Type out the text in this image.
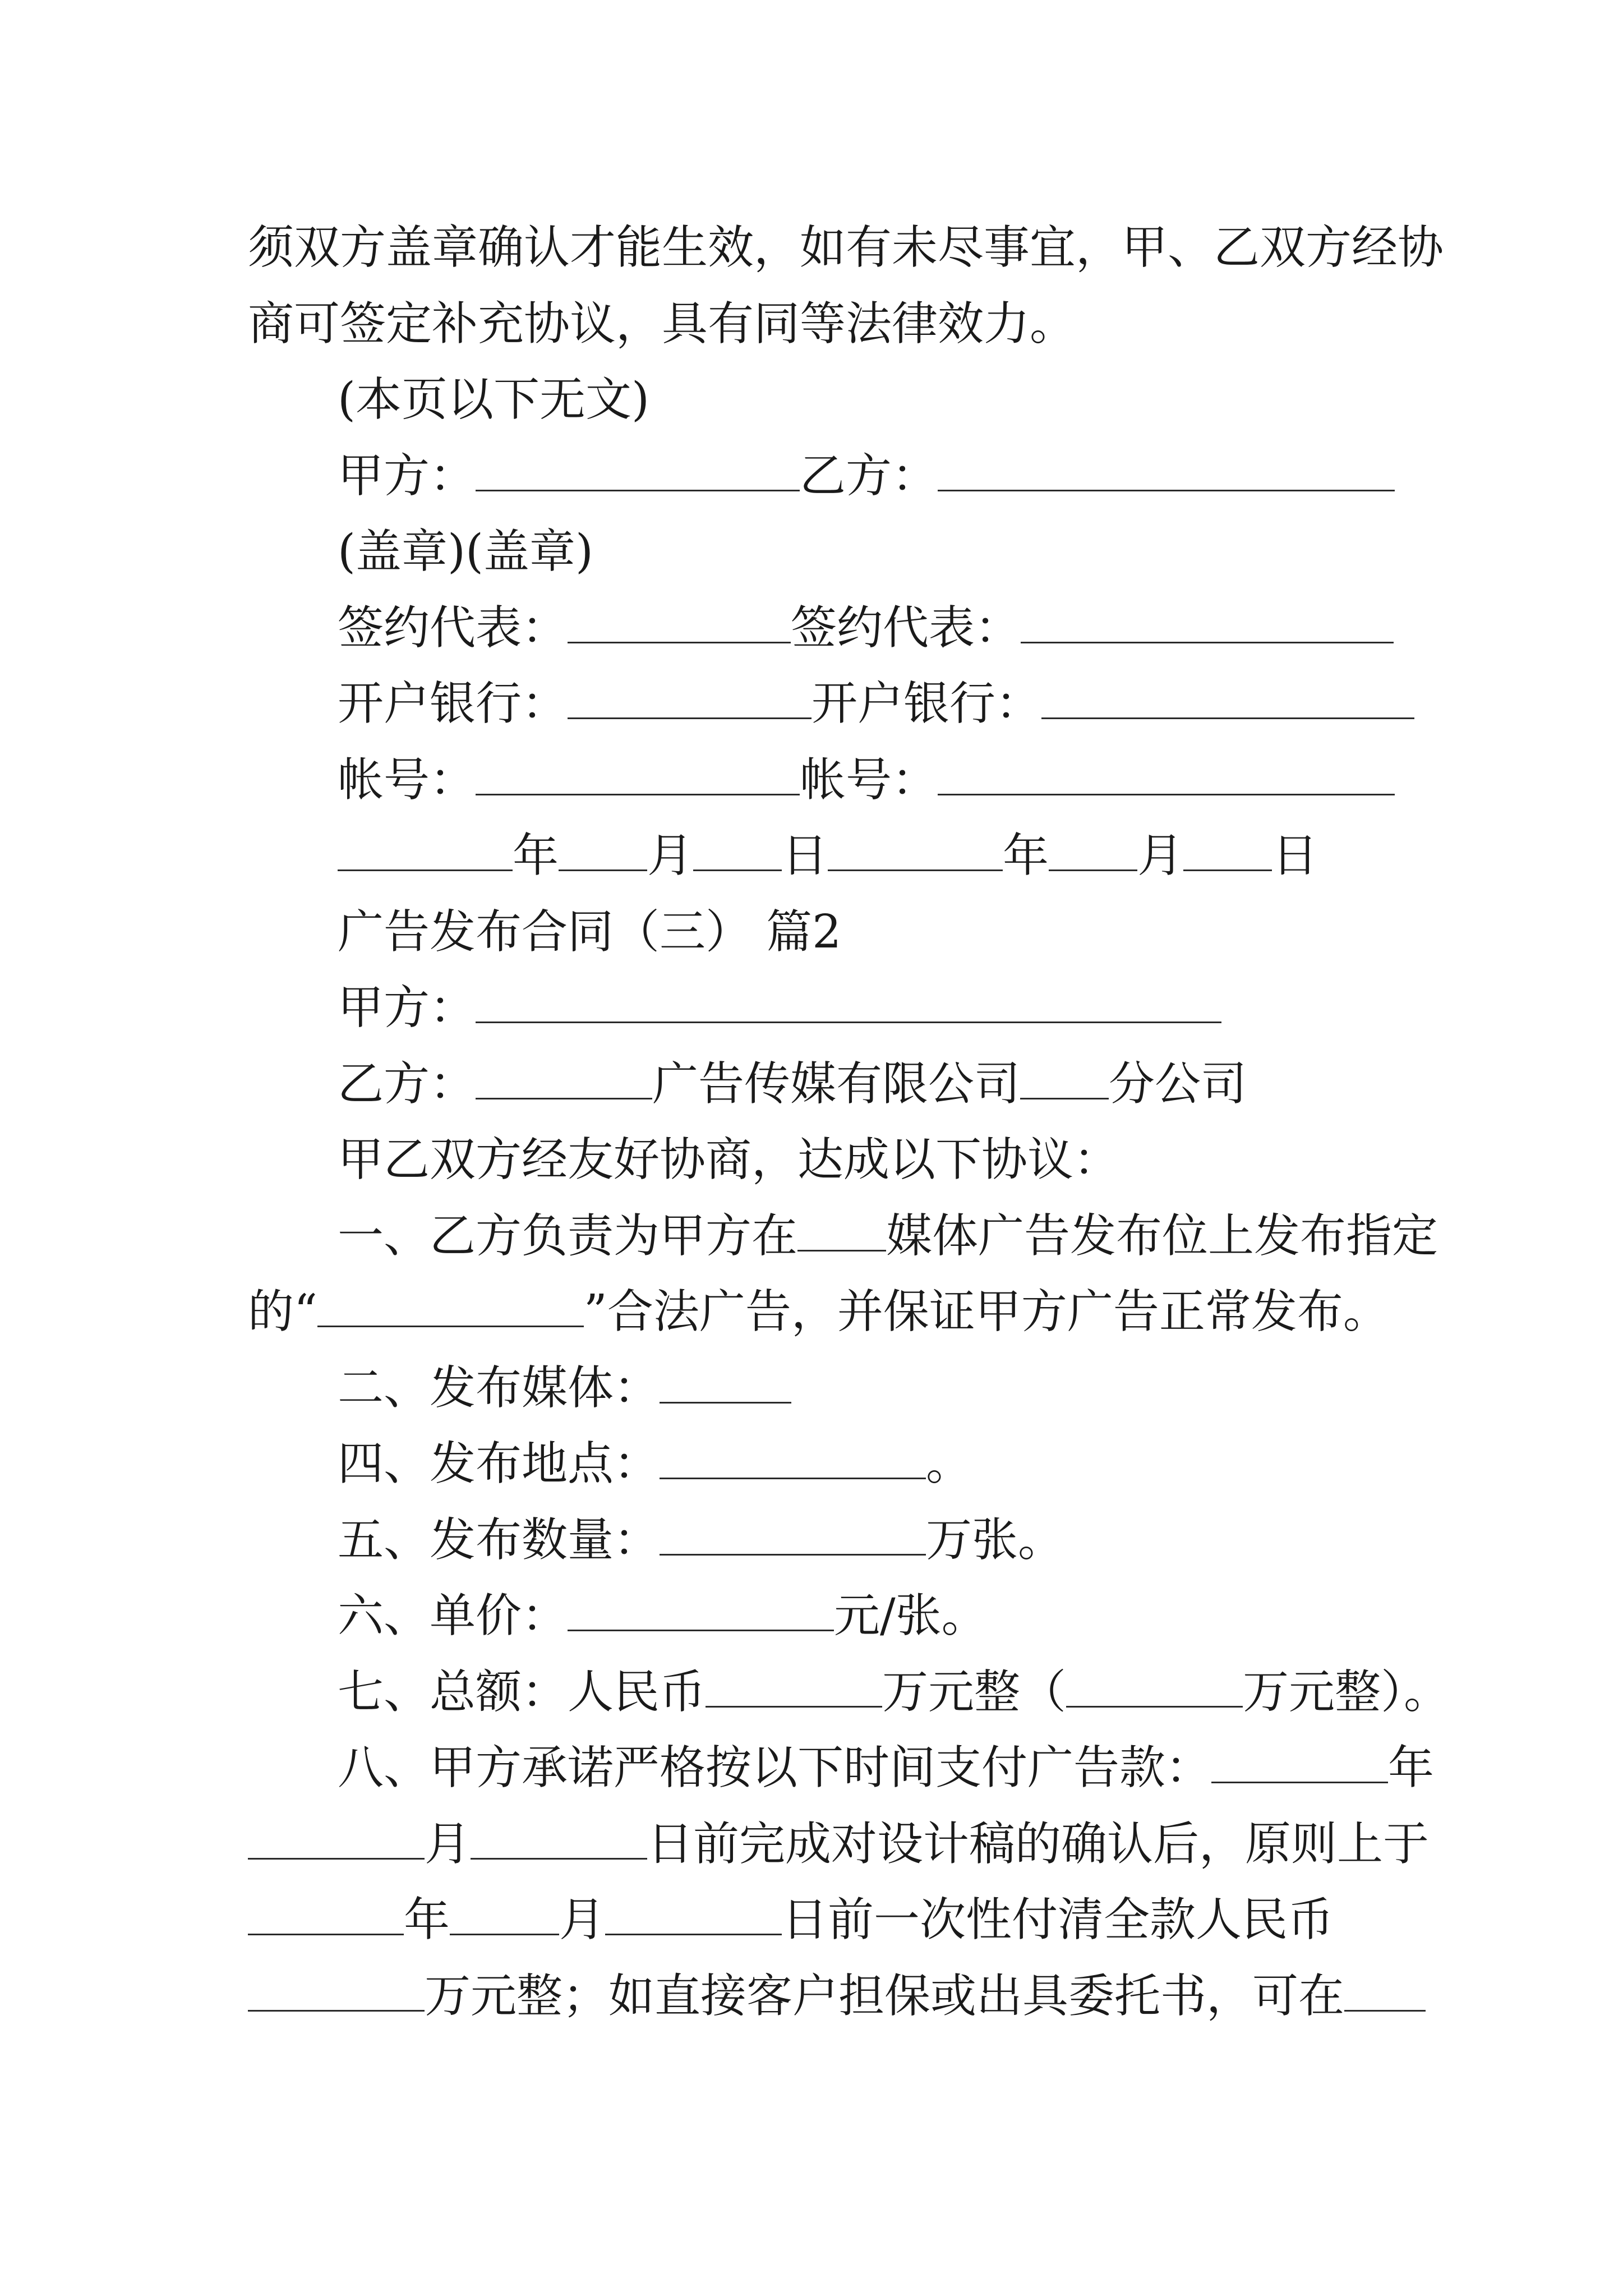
须双方盖章确认才能生效，如有未尽事宜，甲、乙双方经协

商可签定补充协议，具有同等法律效力。

(本页以下无文)

甲方：	乙方：

(盖章)(盖章)

签约代表：	签约代表：

开户银行：	开户银行：

帐号：	帐号：

年 月 日	年 月 日

广告发布合同（三） 篇2

甲方：

乙方：	广告传媒有限公司 分公司

甲乙双方经友好协商，达成以下协议：

一、乙方负责为甲方在 媒体广告发布位上发布指定

的“	”合法广告，并保证甲方广告正常发布。

二、发布媒体：

四、发布地点：	。

五、发布数量：	万张。

六、单价：	元/张。

七、总额：人民币	万元整（	万元整）。

八、甲方承诺严格按以下时间支付广告款：	年

月	日前完成对设计稿的确认后，原则上于

年 月	日前一次性付清全款人民币

万元整；如直接客户担保或出具委托书，可在
